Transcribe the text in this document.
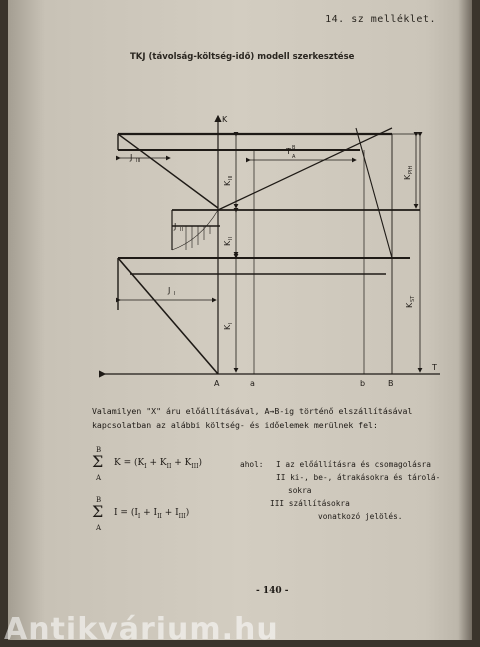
14. sz melléklet.
TKJ (távolság-költség-idő) modell szerkesztése
K
T
J III
J II
J I
T B
A
K
III
K
II
K
I
K
PIH
K
ST
A	a	b	B
Valamilyen "X" áru előállításával, A→B-ig történő elszállításával kapcsolatban az alábbi költség- és időelemek merülnek fel:
B
Σ
A
$K = (K_I + K_{II} + K_{III})$
B
Σ
A
$I = (I_I + I_{II} + I_{III})$
ahol: I az előállításra és csomagolásra
II ki-, be-, átrakásokra és tárolá-
sokra
III szállításokra
vonatkozó jelölés.
- 140 -
Antikvárium.hu
